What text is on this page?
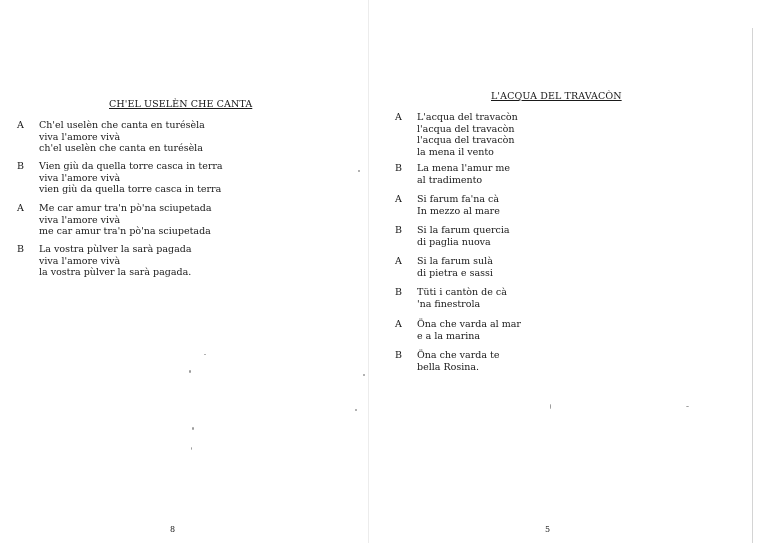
CH'EL USELÈN CHE CANTA
A	Ch'el uselèn che canta en turésèla
viva l'amore vivà
ch'el uselèn che canta en turésèla
B	Vien giù da quella torre casca in terra
viva l'amore vivà
vien giù da quella torre casca in terra
A	Me car amur tra'n pò'na sciupetada
viva l'amore vivà
me car amur tra'n pò'na sciupetada
B	La vostra pùlver la sarà pagada
viva l'amore vivà
la vostra pùlver la sarà pagada.
8
L'ACQUA DEL TRAVACÒN
A	L'acqua del travacòn
l'acqua del travacòn
l'acqua del travacòn
la mena il vento
B	La mena l'amur me
al tradimento
A	Si farum fa'na cà
In mezzo al mare
B	Si la farum quercia
di paglia nuova
A	Si la farum sulà
di pietra e sassi
B	Tüti i cantòn de cà
'na finestrola
A	Öna che varda al mar
e a la marina
B	Öna che varda te
bella Rosina.
5
